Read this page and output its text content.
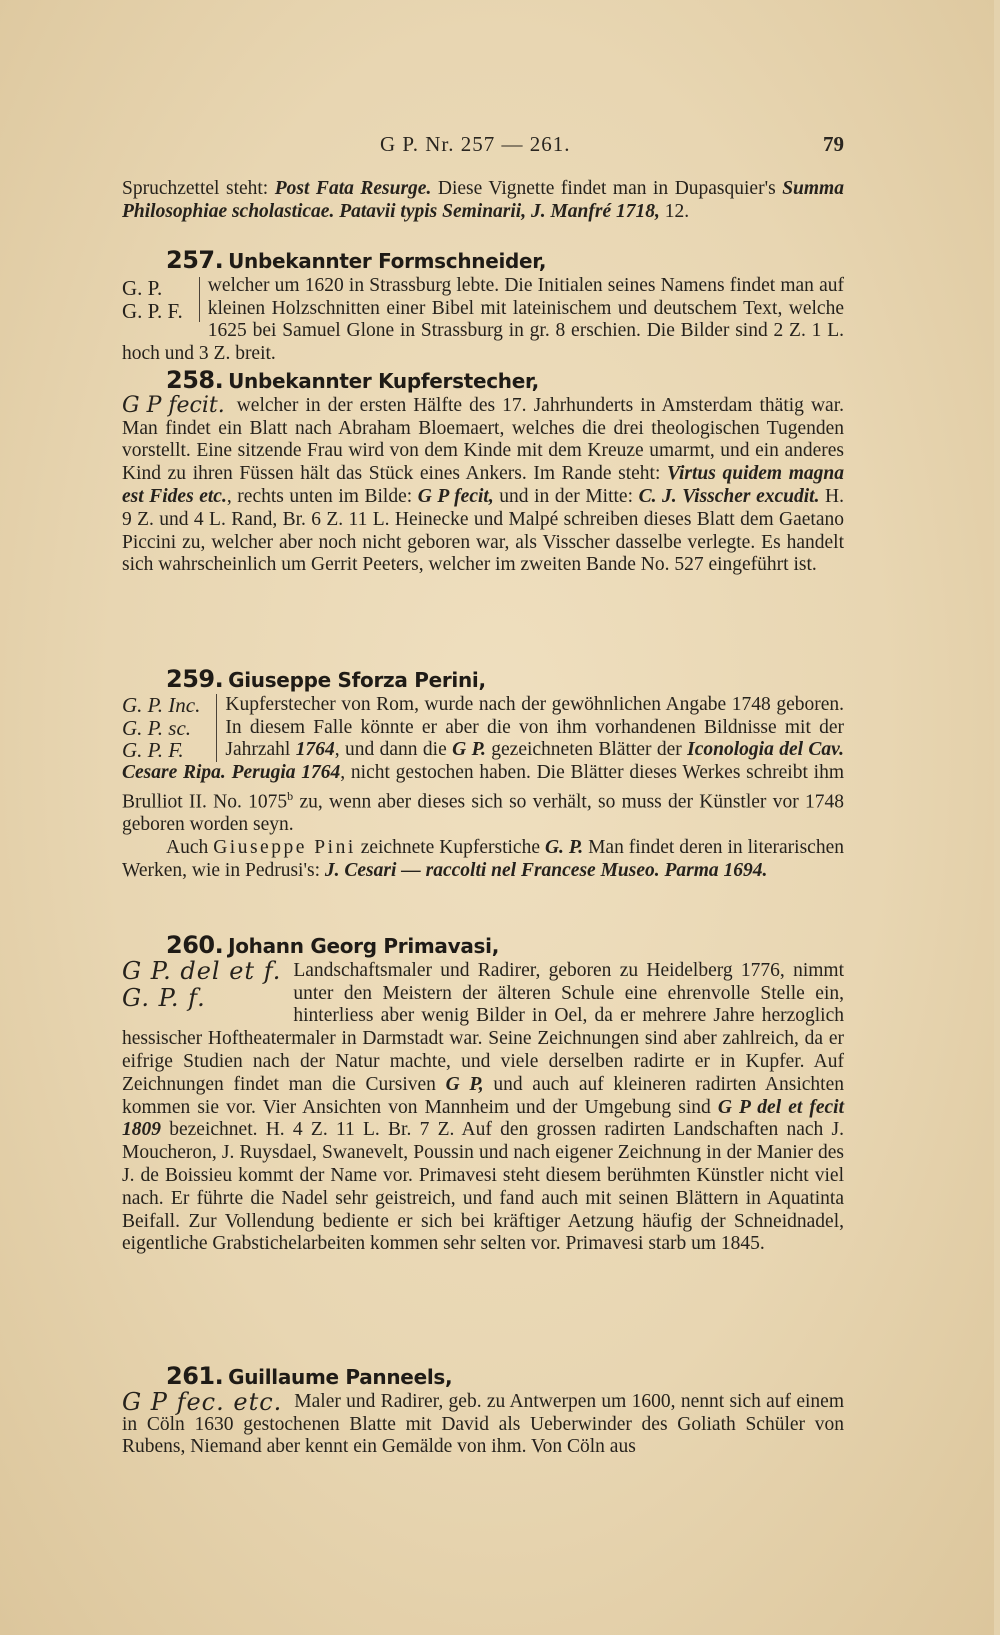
G P. Nr. 257 — 261.	79

Spruchzettel steht: Post Fata Resurge. Diese Vignette findet man in Dupasquier's Summa Philosophiae scholasticae. Patavii typis Seminarii, J. Manfré 1718, 12.

257. Unbekannter Formschneider,
G. P.
G. P. F.

welcher um 1620 in Strassburg lebte. Die Initialen seines Namens findet man auf kleinen Holzschnitten einer Bibel mit lateinischem und deutschem Text, welche 1625 bei Samuel Glone in Strassburg in gr. 8 erschien. Die Bilder sind 2 Z. 1 L. hoch und 3 Z. breit.

258. Unbekannter Kupferstecher,
G P fecit. welcher in der ersten Hälfte des 17. Jahrhunderts in Amsterdam thätig war. Man findet ein Blatt nach Abraham Bloemaert, welches die drei theologischen Tugenden vorstellt. Eine sitzende Frau wird von dem Kinde mit dem Kreuze umarmt, und ein anderes Kind zu ihren Füssen hält das Stück eines Ankers. Im Rande steht: Virtus quidem magna est Fides etc., rechts unten im Bilde: G P fecit, und in der Mitte: C. J. Visscher excudit. H. 9 Z. und 4 L. Rand, Br. 6 Z. 11 L. Heinecke und Malpé schreiben dieses Blatt dem Gaetano Piccini zu, welcher aber noch nicht geboren war, als Visscher dasselbe verlegte. Es handelt sich wahrscheinlich um Gerrit Peeters, welcher im zweiten Bande No. 527 eingeführt ist.

259. Giuseppe Sforza Perini,
G. P. Inc.
G. P. sc.
G. P. F.

Kupferstecher von Rom, wurde nach der gewöhnlichen Angabe 1748 geboren. In diesem Falle könnte er aber die von ihm vorhandenen Bildnisse mit der Jahrzahl 1764, und dann die G P. gezeichneten Blätter der Iconologia del Cav. Cesare Ripa. Perugia 1764, nicht gestochen haben. Die Blätter dieses Werkes schreibt ihm Brulliot II. No. 1075$^b$ zu, wenn aber dieses sich so verhält, so muss der Künstler vor 1748 geboren worden seyn.

Auch Giuseppe Pini zeichnete Kupferstiche G. P. Man findet deren in literarischen Werken, wie in Pedrusi's: J. Cesari — raccolti nel Francese Museo. Parma 1694.

260. Johann Georg Primavasi,
G P. del et f.
G. P. f.

Landschaftsmaler und Radirer, geboren zu Heidelberg 1776, nimmt unter den Meistern der älteren Schule eine ehrenvolle Stelle ein, hinterliess aber wenig Bilder in Oel, da er mehrere Jahre herzoglich hessischer Hoftheatermaler in Darmstadt war. Seine Zeichnungen sind aber zahlreich, da er eifrige Studien nach der Natur machte, und viele derselben radirte er in Kupfer. Auf Zeichnungen findet man die Cursiven G P, und auch auf kleineren radirten Ansichten kommen sie vor. Vier Ansichten von Mannheim und der Umgebung sind G P del et fecit 1809 bezeichnet. H. 4 Z. 11 L. Br. 7 Z. Auf den grossen radirten Landschaften nach J. Moucheron, J. Ruysdael, Swanevelt, Poussin und nach eigener Zeichnung in der Manier des J. de Boissieu kommt der Name vor. Primavesi steht diesem berühmten Künstler nicht viel nach. Er führte die Nadel sehr geistreich, und fand auch mit seinen Blättern in Aquatinta Beifall. Zur Vollendung bediente er sich bei kräftiger Aetzung häufig der Schneidnadel, eigentliche Grabstichelarbeiten kommen sehr selten vor. Primavesi starb um 1845.

261. Guillaume Panneels,
G P fec. etc. Maler und Radirer, geb. zu Antwerpen um 1600, nennt sich auf einem in Cöln 1630 gestochenen Blatte mit David als Ueberwinder des Goliath Schüler von Rubens, Niemand aber kennt ein Gemälde von ihm. Von Cöln aus
